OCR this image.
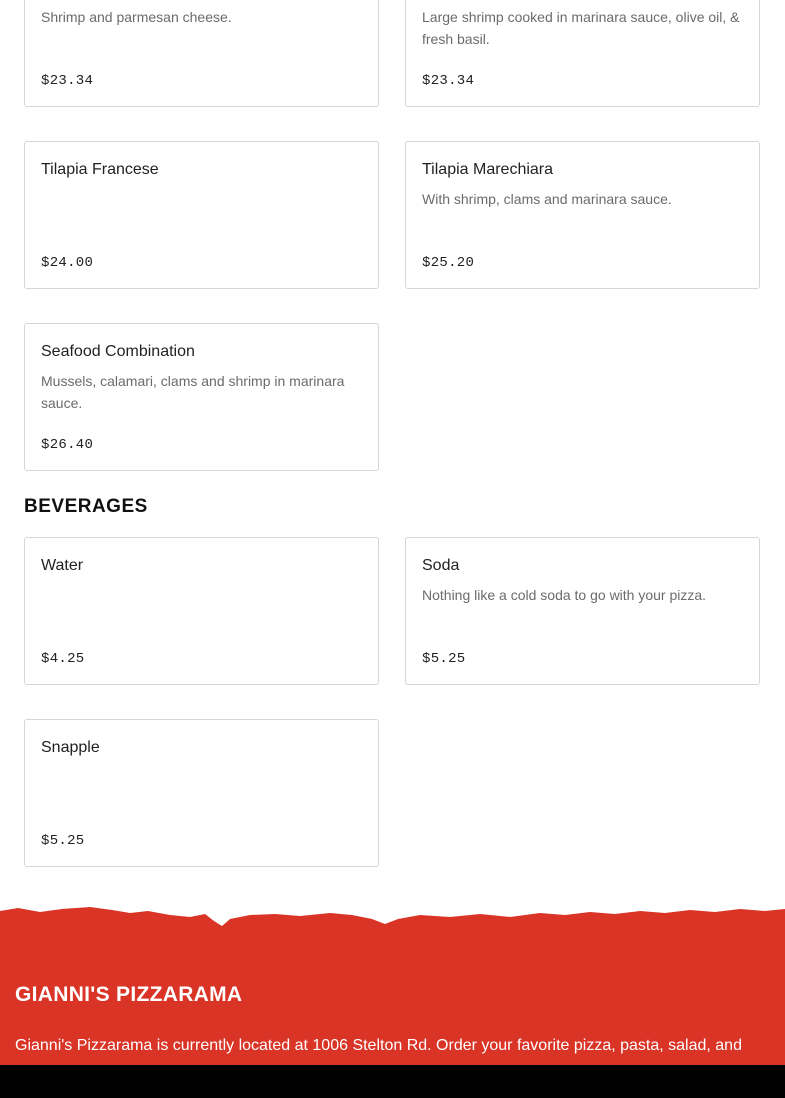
Shrimp and parmesan cheese.
$23.34
Large shrimp cooked in marinara sauce, olive oil, & fresh basil.
$23.34
Tilapia Francese
$24.00
Tilapia Marechiara
With shrimp, clams and marinara sauce.
$25.20
Seafood Combination
Mussels, calamari, clams and shrimp in marinara sauce.
$26.40
BEVERAGES
Water
$4.25
Soda
Nothing like a cold soda to go with your pizza.
$5.25
Snapple
$5.25
GIANNI'S PIZZARAMA
Gianni's Pizzarama is currently located at 1006 Stelton Rd. Order your favorite pizza, pasta, salad, and
